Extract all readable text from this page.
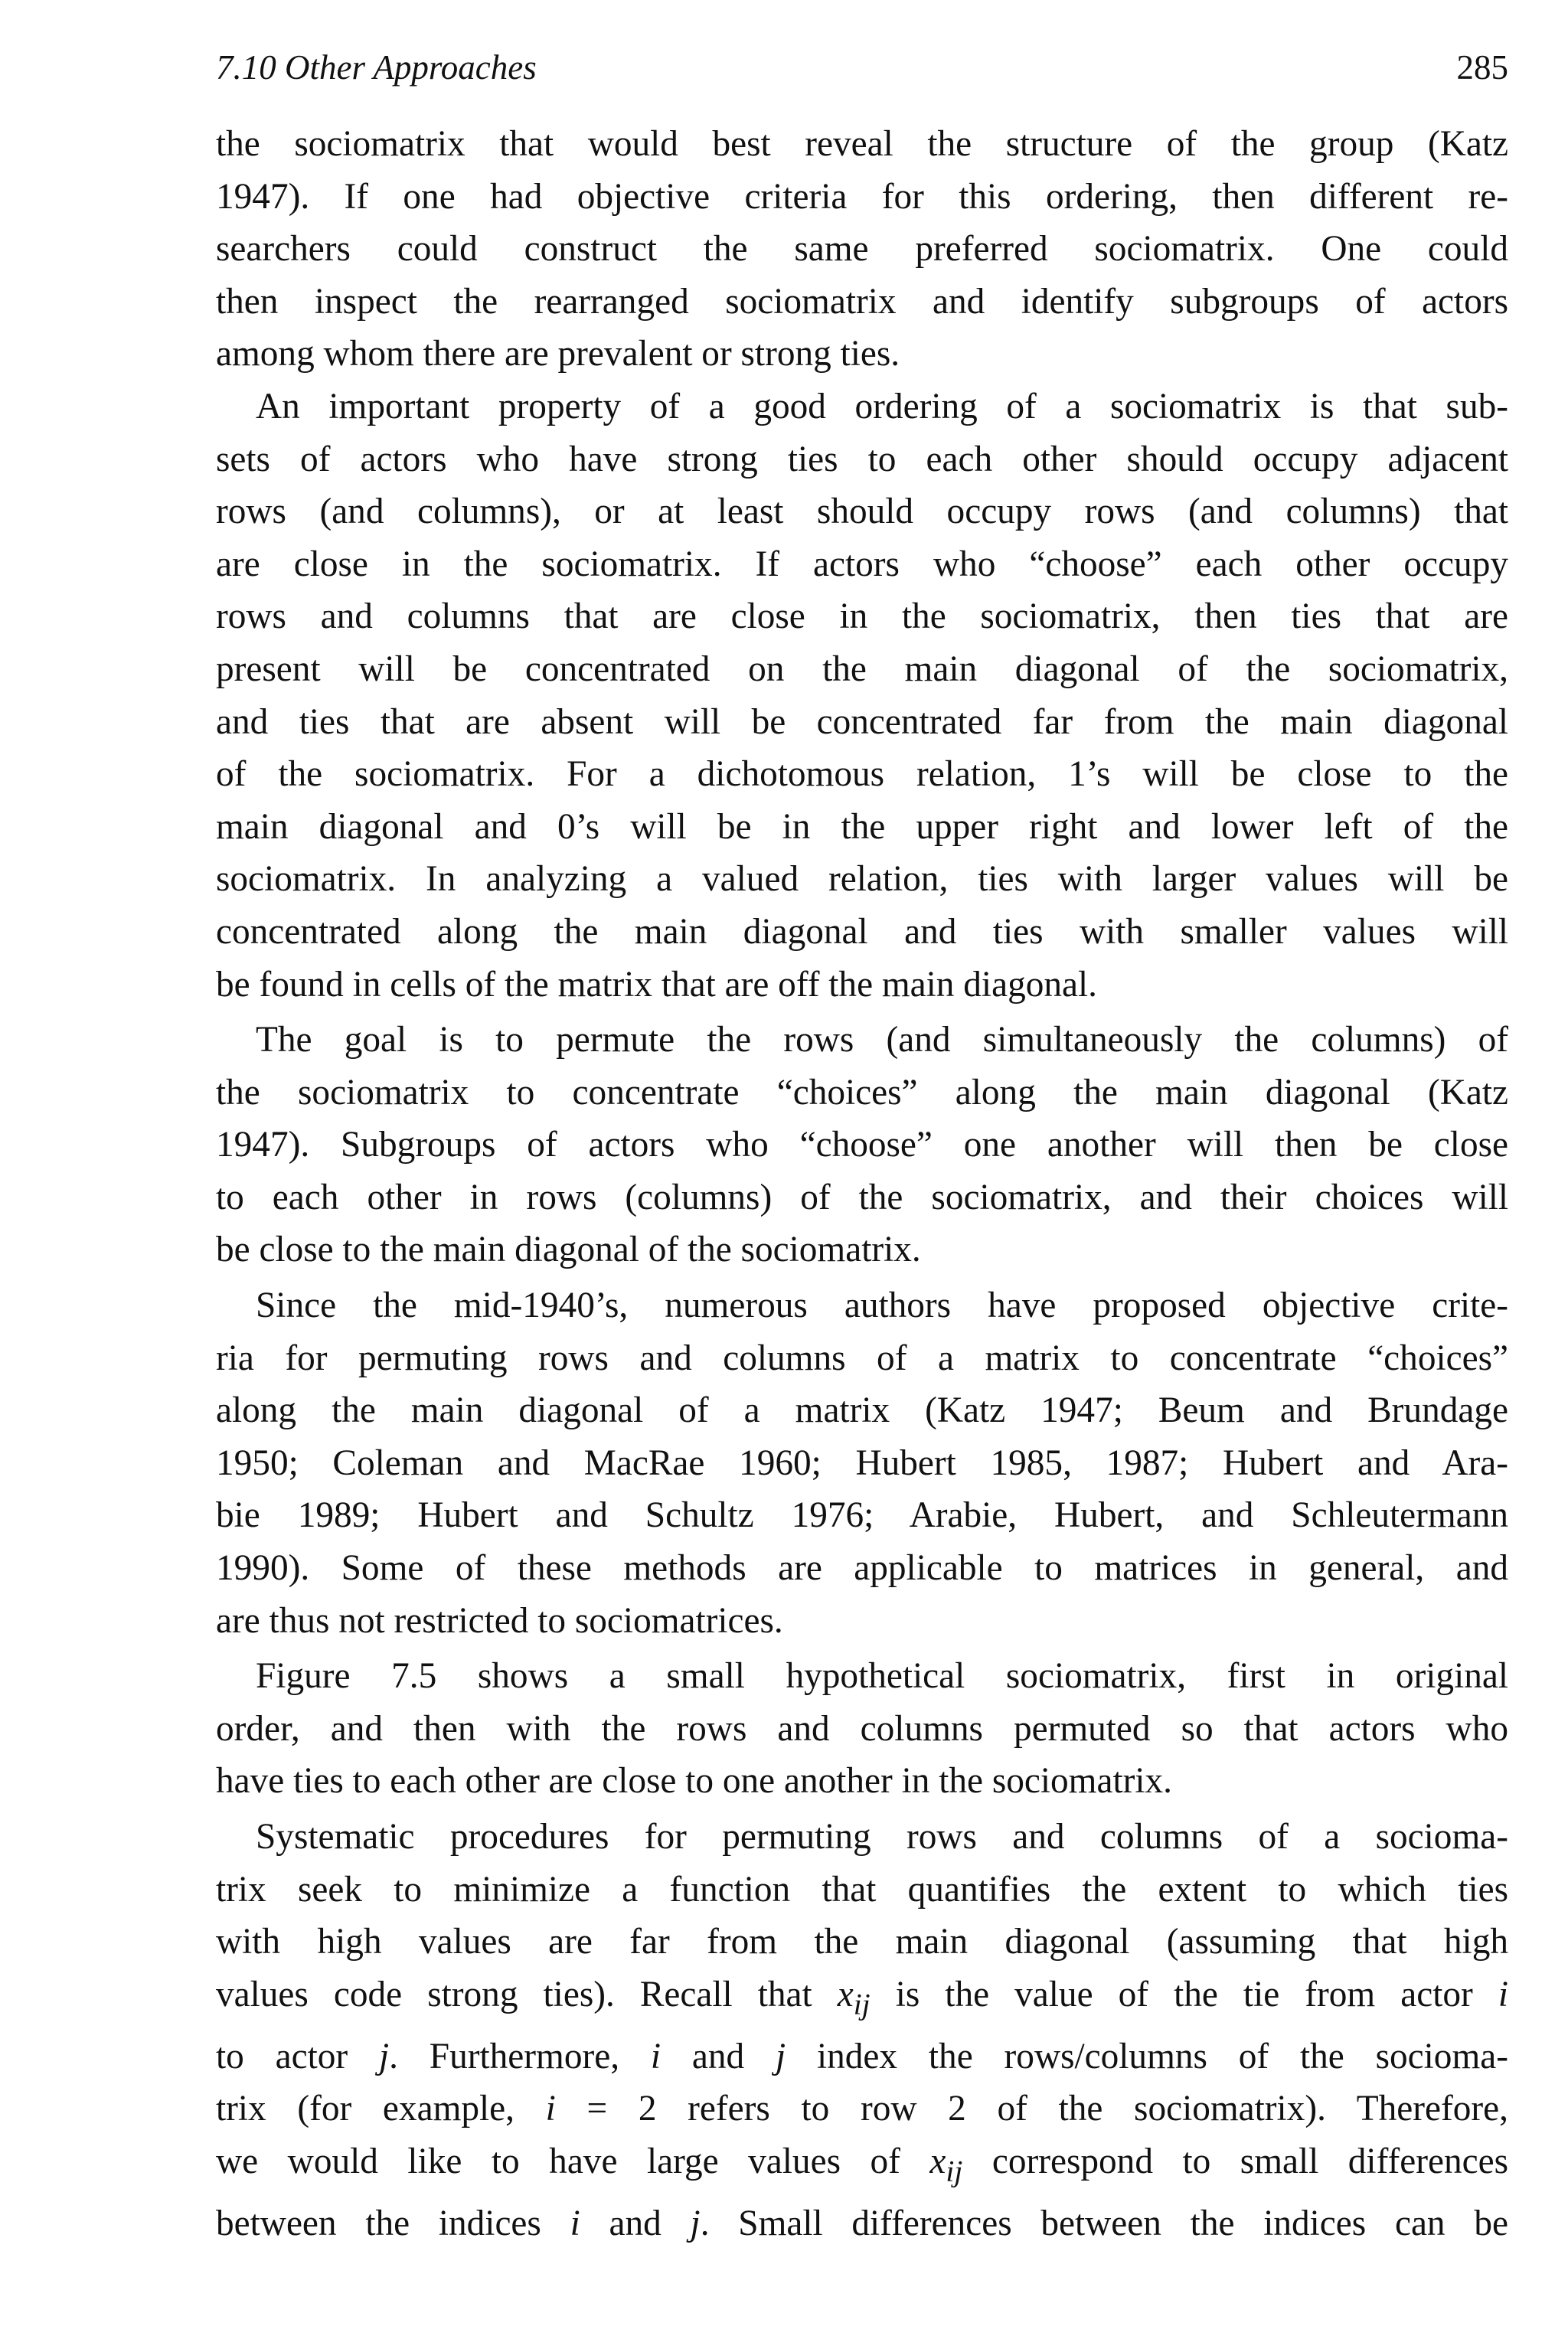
7.10 Other Approaches	285

the sociomatrix that would best reveal the structure of the group (Katz
1947). If one had objective criteria for this ordering, then different re-
searchers could construct the same preferred sociomatrix. One could
then inspect the rearranged sociomatrix and identify subgroups of actors
among whom there are prevalent or strong ties.

An important property of a good ordering of a sociomatrix is that sub-
sets of actors who have strong ties to each other should occupy adjacent
rows (and columns), or at least should occupy rows (and columns) that
are close in the sociomatrix. If actors who “choose” each other occupy
rows and columns that are close in the sociomatrix, then ties that are
present will be concentrated on the main diagonal of the sociomatrix,
and ties that are absent will be concentrated far from the main diagonal
of the sociomatrix. For a dichotomous relation, 1’s will be close to the
main diagonal and 0’s will be in the upper right and lower left of the
sociomatrix. In analyzing a valued relation, ties with larger values will be
concentrated along the main diagonal and ties with smaller values will
be found in cells of the matrix that are off the main diagonal.

The goal is to permute the rows (and simultaneously the columns) of
the sociomatrix to concentrate “choices” along the main diagonal (Katz
1947). Subgroups of actors who “choose” one another will then be close
to each other in rows (columns) of the sociomatrix, and their choices will
be close to the main diagonal of the sociomatrix.

Since the mid-1940’s, numerous authors have proposed objective crite-
ria for permuting rows and columns of a matrix to concentrate “choices”
along the main diagonal of a matrix (Katz 1947; Beum and Brundage
1950; Coleman and MacRae 1960; Hubert 1985, 1987; Hubert and Ara-
bie 1989; Hubert and Schultz 1976; Arabie, Hubert, and Schleutermann
1990). Some of these methods are applicable to matrices in general, and
are thus not restricted to sociomatrices.

Figure 7.5 shows a small hypothetical sociomatrix, first in original
order, and then with the rows and columns permuted so that actors who
have ties to each other are close to one another in the sociomatrix.

Systematic procedures for permuting rows and columns of a socioma-
trix seek to minimize a function that quantifies the extent to which ties
with high values are far from the main diagonal (assuming that high
values code strong ties). Recall that $x_{ij}$ is the value of the tie from actor i
to actor j. Furthermore, i and j index the rows/columns of the socioma-
trix (for example, i = 2 refers to row 2 of the sociomatrix). Therefore,
we would like to have large values of $x_{ij}$ correspond to small differences
between the indices i and j. Small differences between the indices can be
